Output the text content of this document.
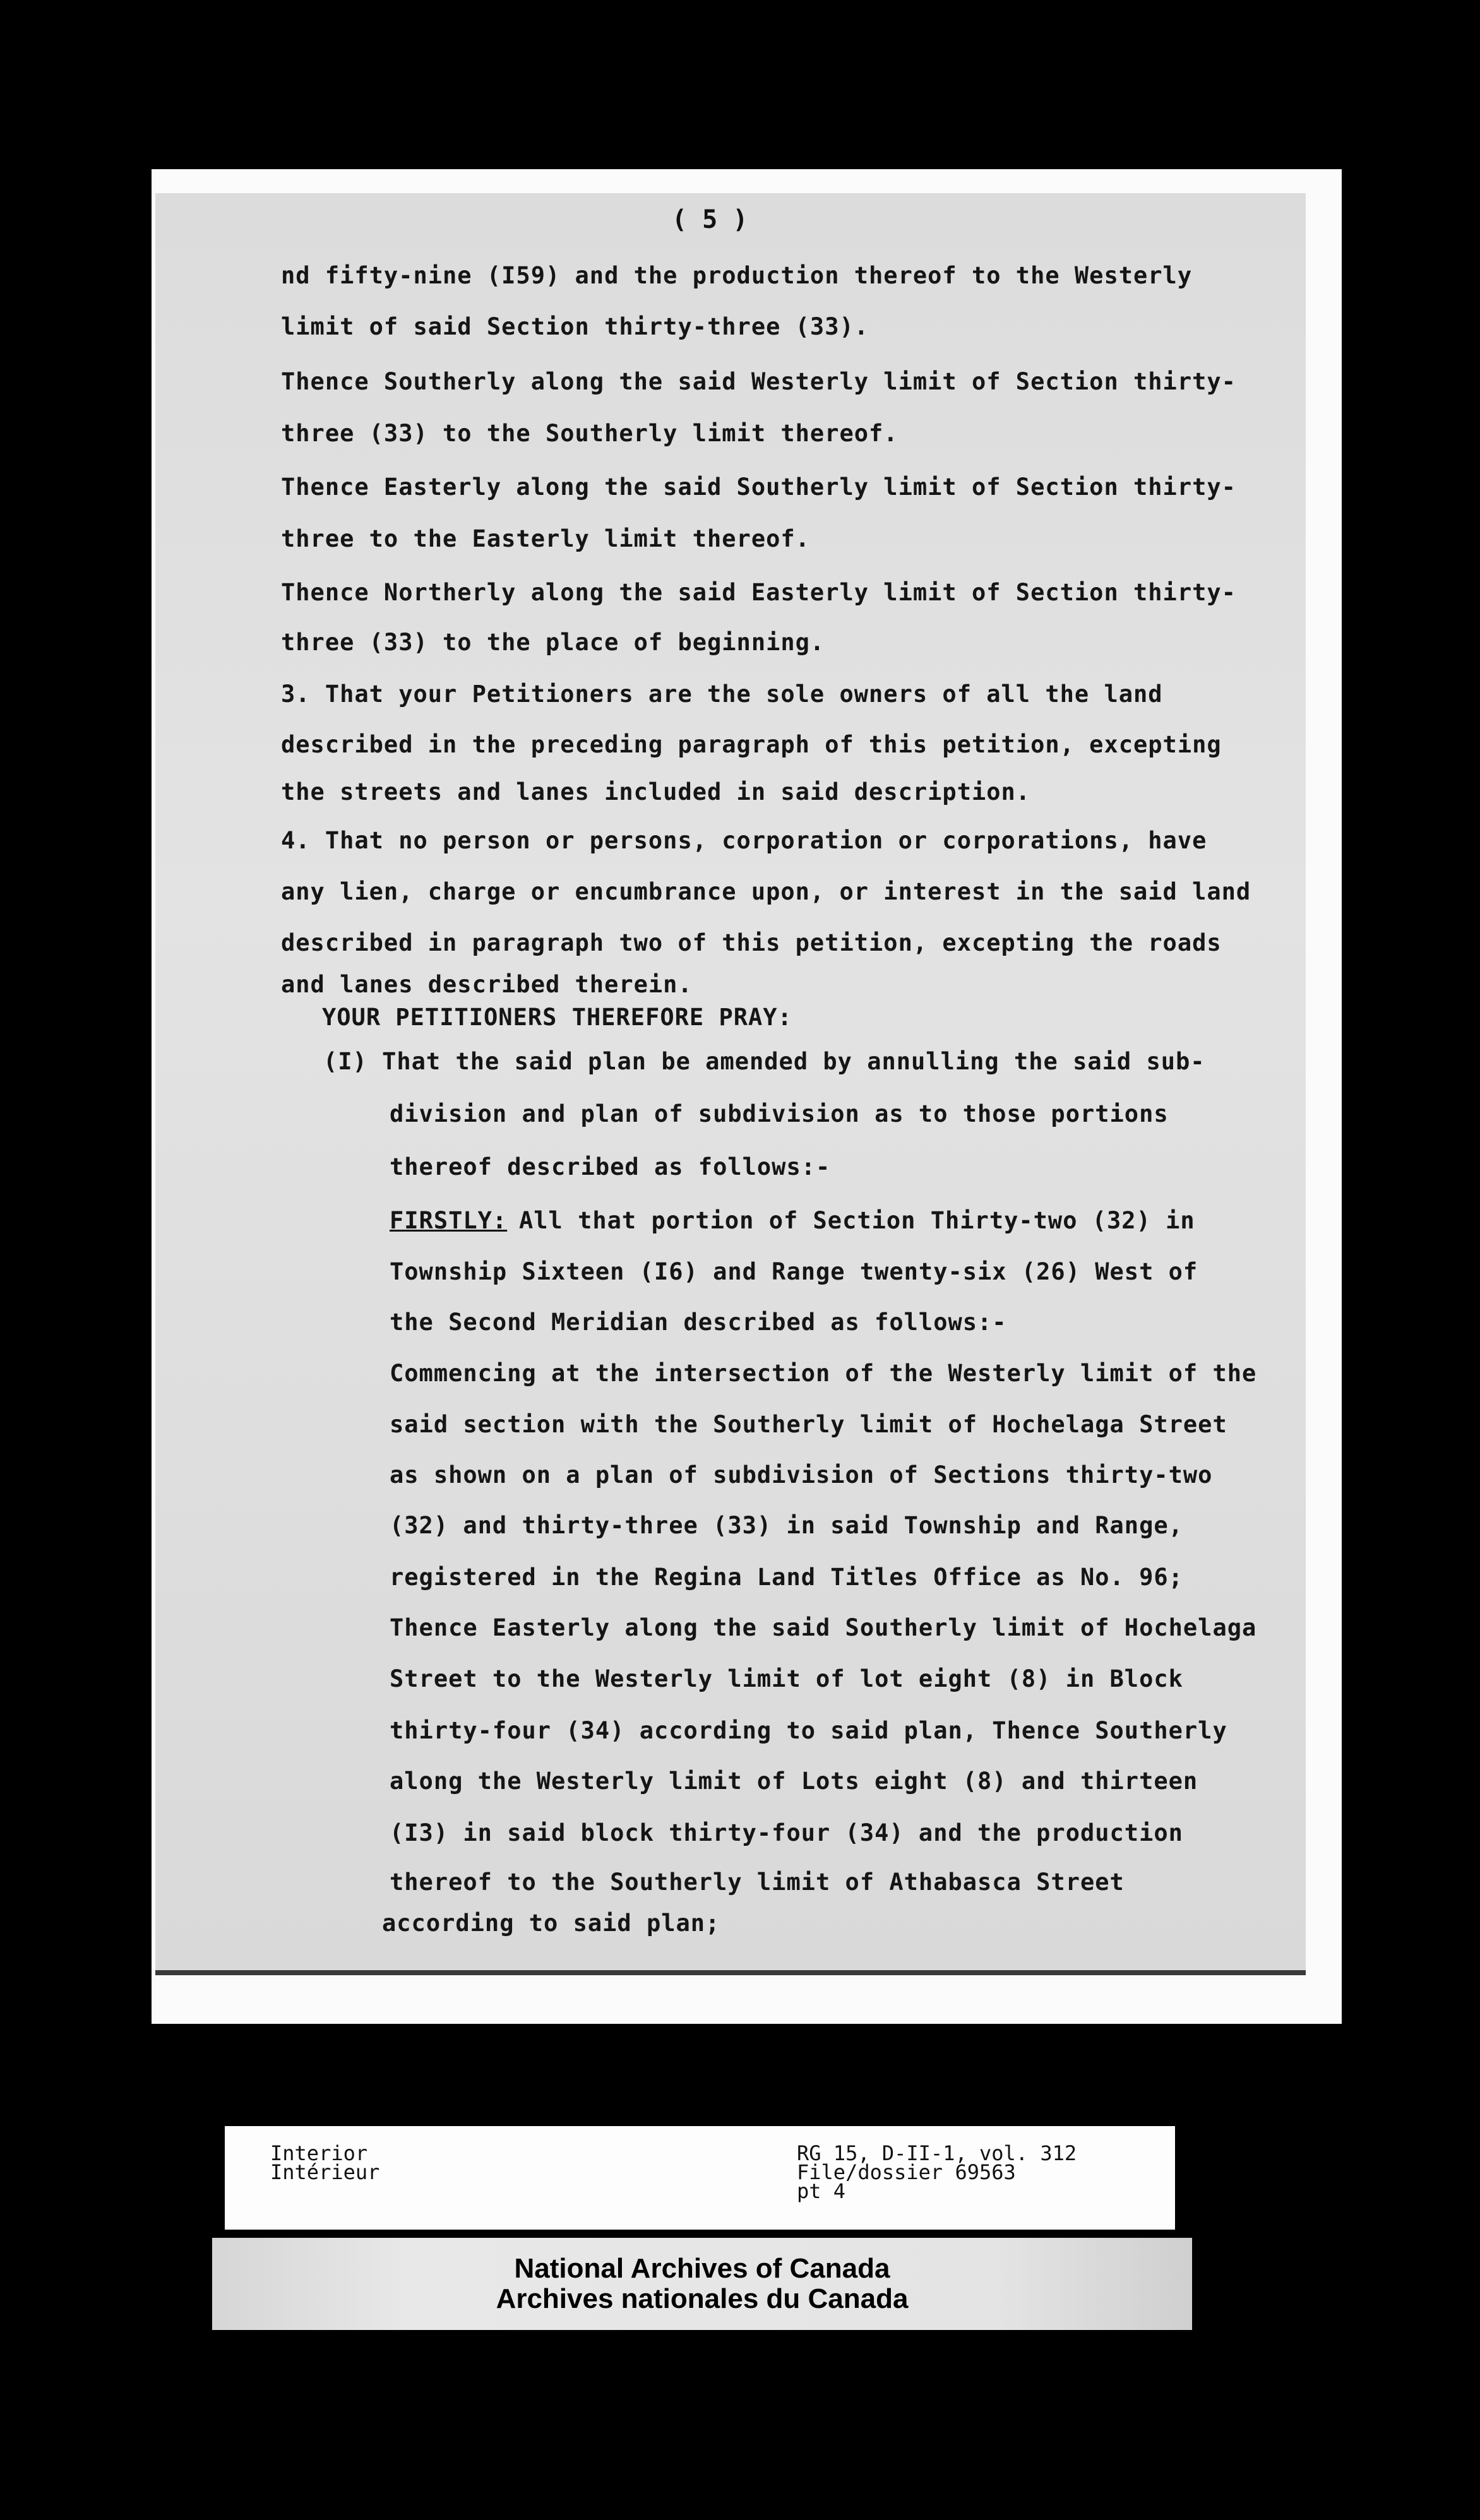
( 5 )
nd fifty-nine (I59) and the production thereof to the Westerly
limit of said Section thirty-three (33).
Thence Southerly along the said Westerly limit of Section thirty-
three (33) to the Southerly limit thereof.
Thence Easterly along the said Southerly limit of Section thirty-
three to the Easterly limit thereof.
Thence Northerly along the said Easterly limit of Section thirty-
three (33) to the place of beginning.
3. That your Petitioners are the sole owners of all the land
described in the preceding paragraph of this petition, excepting
the streets and lanes included in said description.
4. That no person or persons, corporation or corporations, have
any lien, charge or encumbrance upon, or interest in the said land
described in paragraph two of this petition, excepting the roads
and lanes described therein.
YOUR PETITIONERS THEREFORE PRAY:
(I) That the said plan be amended by annulling the said sub-
division and plan of subdivision as to those portions
thereof described as follows:-
FIRSTLY: All that portion of Section Thirty-two (32) in
Township Sixteen (I6) and Range twenty-six (26) West of
the Second Meridian described as follows:-
Commencing at the intersection of the Westerly limit of the
said section with the Southerly limit of Hochelaga Street
as shown on a plan of subdivision of Sections thirty-two
(32) and thirty-three (33) in said Township and Range,
registered in the Regina Land Titles Office as No. 96;
Thence Easterly along the said Southerly limit of Hochelaga
Street to the Westerly limit of lot eight (8) in Block
thirty-four (34) according to said plan, Thence Southerly
along the Westerly limit of Lots eight (8) and thirteen
(I3) in said block thirty-four (34) and the production
thereof to the Southerly limit of Athabasca Street
according to said plan;
Interior
Intérieur
RG 15, D-II-1, vol. 312
File/dossier 69563
pt 4
National Archives of Canada
Archives nationales du Canada
